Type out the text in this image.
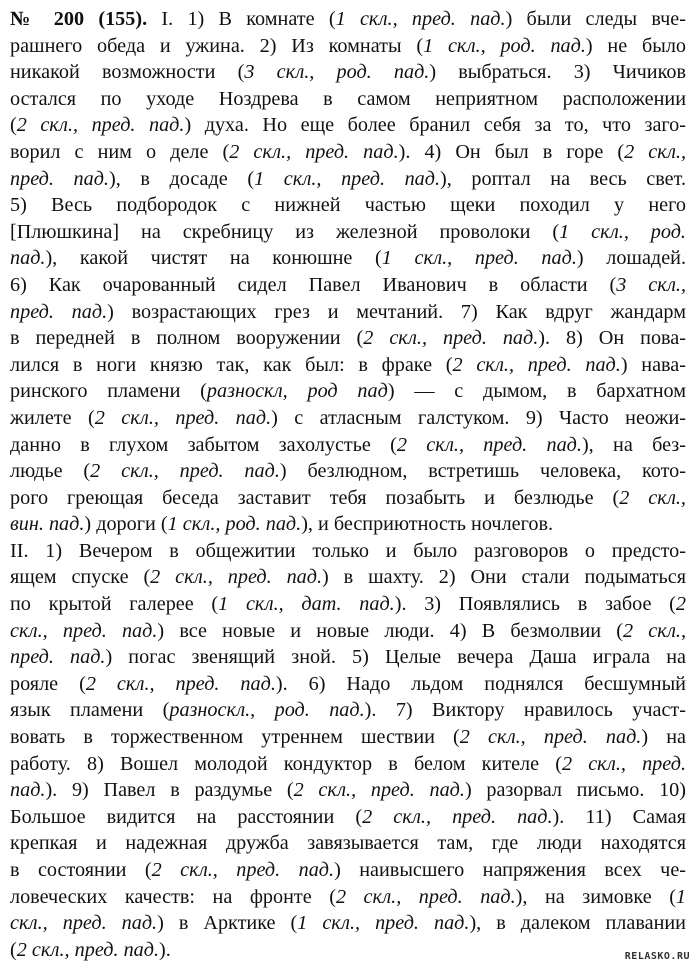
№ 200 (155). I. 1) В комнате (1 скл., пред. пад.) были следы вче-
рашнего обеда и ужина. 2) Из комнаты (1 скл., род. пад.) не было
никакой возможности (3 скл., род. пад.) выбраться. 3) Чичиков
остался по уходе Ноздрева в самом неприятном расположении
(2 скл., пред. пад.) духа. Но еще более бранил себя за то, что заго-
ворил с ним о деле (2 скл., пред. пад.). 4) Он был в горе (2 скл.,
пред. пад.), в досаде (1 скл., пред. пад.), роптал на весь свет.
5) Весь подбородок с нижней частью щеки походил у него
[Плюшкина] на скребницу из железной проволоки (1 скл., род.
пад.), какой чистят на конюшне (1 скл., пред. пад.) лошадей.
6) Как очарованный сидел Павел Иванович в области (3 скл.,
пред. пад.) возрастающих грез и мечтаний. 7) Как вдруг жандарм
в передней в полном вооружении (2 скл., пред. пад.). 8) Он пова-
лился в ноги князю так, как был: в фраке (2 скл., пред. пад.) нава-
ринского пламени (разноскл, род пад) — с дымом, в бархатном
жилете (2 скл., пред. пад.) с атласным галстуком. 9) Часто неожи-
данно в глухом забытом захолустье (2 скл., пред. пад.), на без-
людье (2 скл., пред. пад.) безлюдном, встретишь человека, кото-
рого греющая беседа заставит тебя позабыть и безлюдье (2 скл.,
вин. пад.) дороги (1 скл., род. пад.), и бесприютность ночлегов.
II. 1) Вечером в общежитии только и было разговоров о предсто-
ящем спуске (2 скл., пред. пад.) в шахту. 2) Они стали подыматься
по крытой галерее (1 скл., дат. пад.). 3) Появлялись в забое (2
скл., пред. пад.) все новые и новые люди. 4) В безмолвии (2 скл.,
пред. пад.) погас звенящий зной. 5) Целые вечера Даша играла на
рояле (2 скл., пред. пад.). 6) Надо льдом поднялся бесшумный
язык пламени (разноскл., род. пад.). 7) Виктору нравилось участ-
вовать в торжественном утреннем шествии (2 скл., пред. пад.) на
работу. 8) Вошел молодой кондуктор в белом кителе (2 скл., пред.
пад.). 9) Павел в раздумье (2 скл., пред. пад.) разорвал письмо. 10)
Большое видится на расстоянии (2 скл., пред. пад.). 11) Самая
крепкая и надежная дружба завязывается там, где люди находятся
в состоянии (2 скл., пред. пад.) наивысшего напряжения всех че-
ловеческих качеств: на фронте (2 скл., пред. пад.), на зимовке (1
скл., пред. пад.) в Арктике (1 скл., пред. пад.), в далеком плавании
(2 скл., пред. пад.).	RELASKO.RU
